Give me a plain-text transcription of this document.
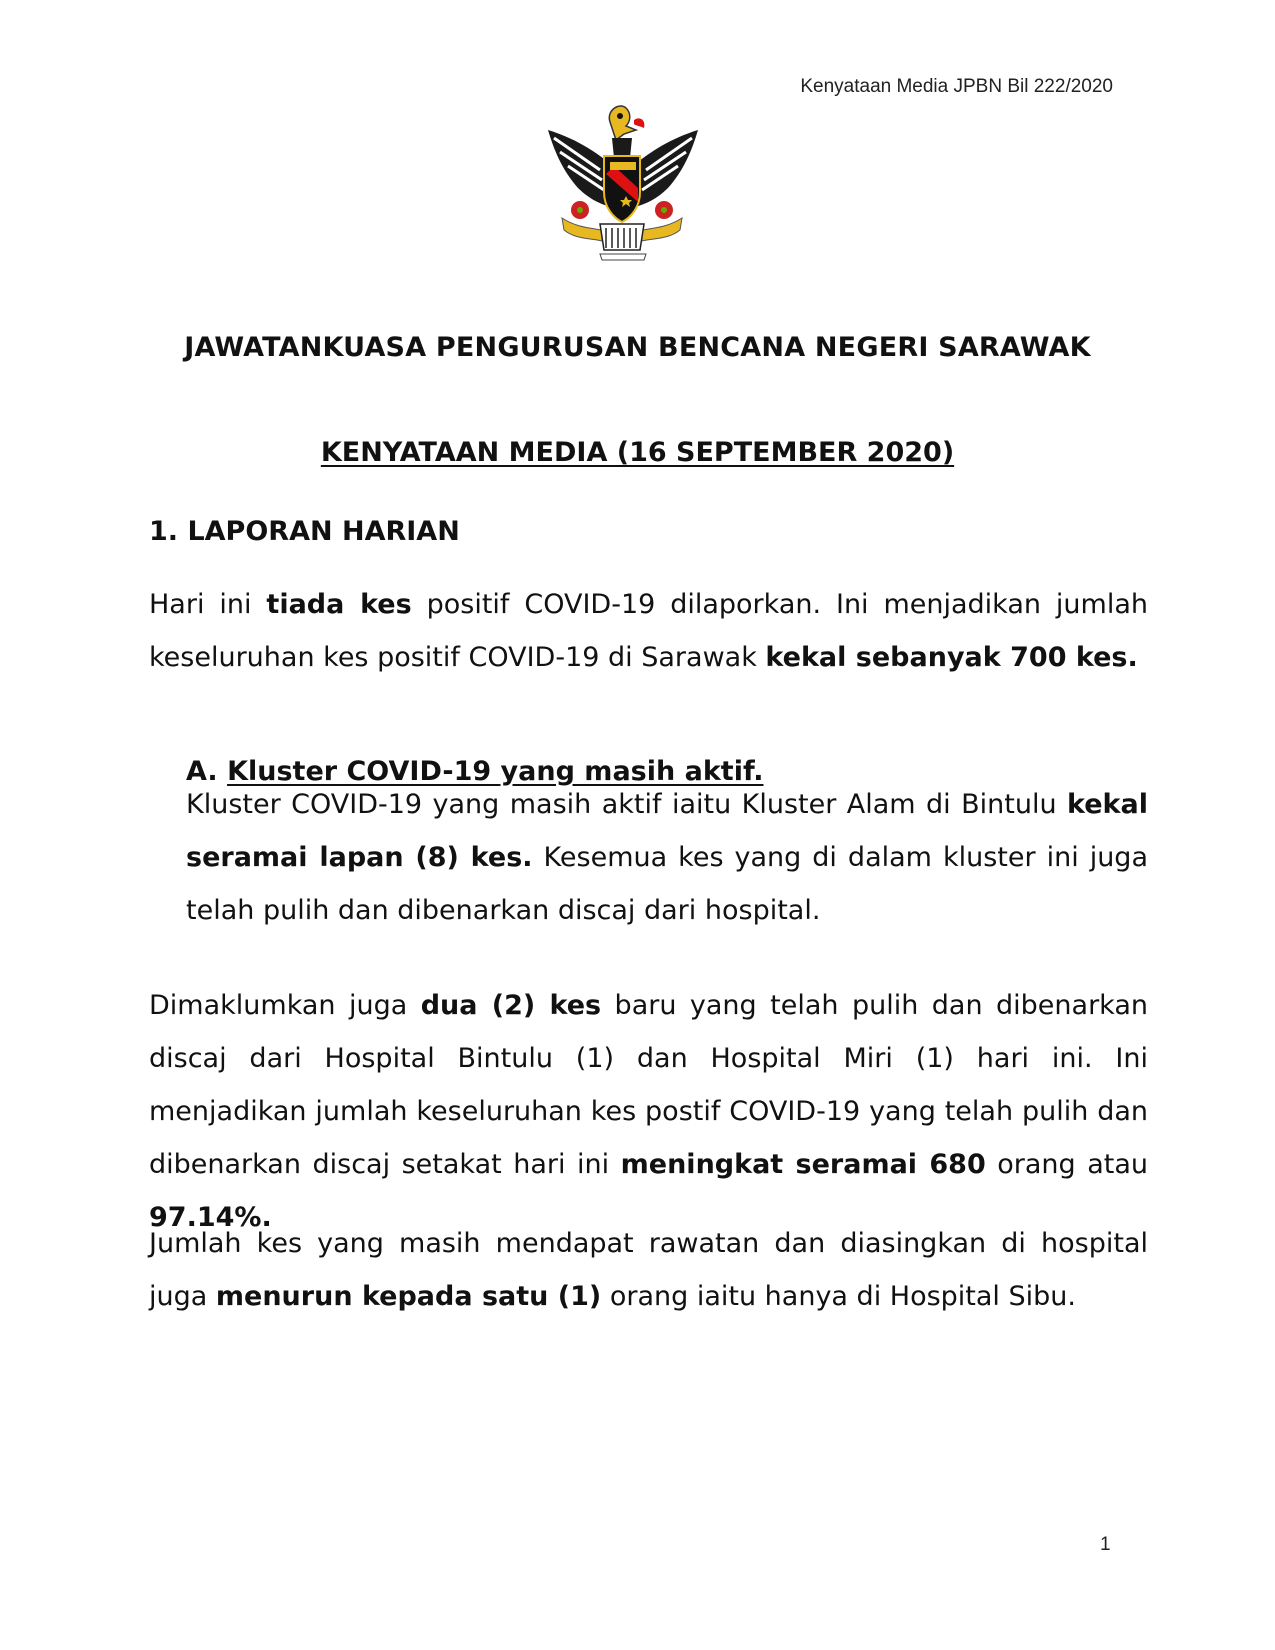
Kenyataan Media JPBN Bil 222/2020
JAWATANKUASA PENGURUSAN BENCANA NEGERI SARAWAK
KENYATAAN MEDIA (16 SEPTEMBER 2020)
1. LAPORAN HARIAN
Hari ini tiada kes positif COVID-19 dilaporkan. Ini menjadikan jumlah keseluruhan kes positif COVID-19 di Sarawak kekal sebanyak 700 kes.
A. Kluster COVID-19 yang masih aktif.
Kluster COVID-19 yang masih aktif iaitu Kluster Alam di Bintulu kekal seramai lapan (8) kes. Kesemua kes yang di dalam kluster ini juga telah pulih dan dibenarkan discaj dari hospital.
Dimaklumkan juga dua (2) kes baru yang telah pulih dan dibenarkan discaj dari Hospital Bintulu (1) dan Hospital Miri (1) hari ini. Ini menjadikan jumlah keseluruhan kes postif COVID-19 yang telah pulih dan dibenarkan discaj setakat hari ini meningkat seramai 680 orang atau 97.14%.
Jumlah kes yang masih mendapat rawatan dan diasingkan di hospital juga menurun kepada satu (1) orang iaitu hanya di Hospital Sibu.
1
